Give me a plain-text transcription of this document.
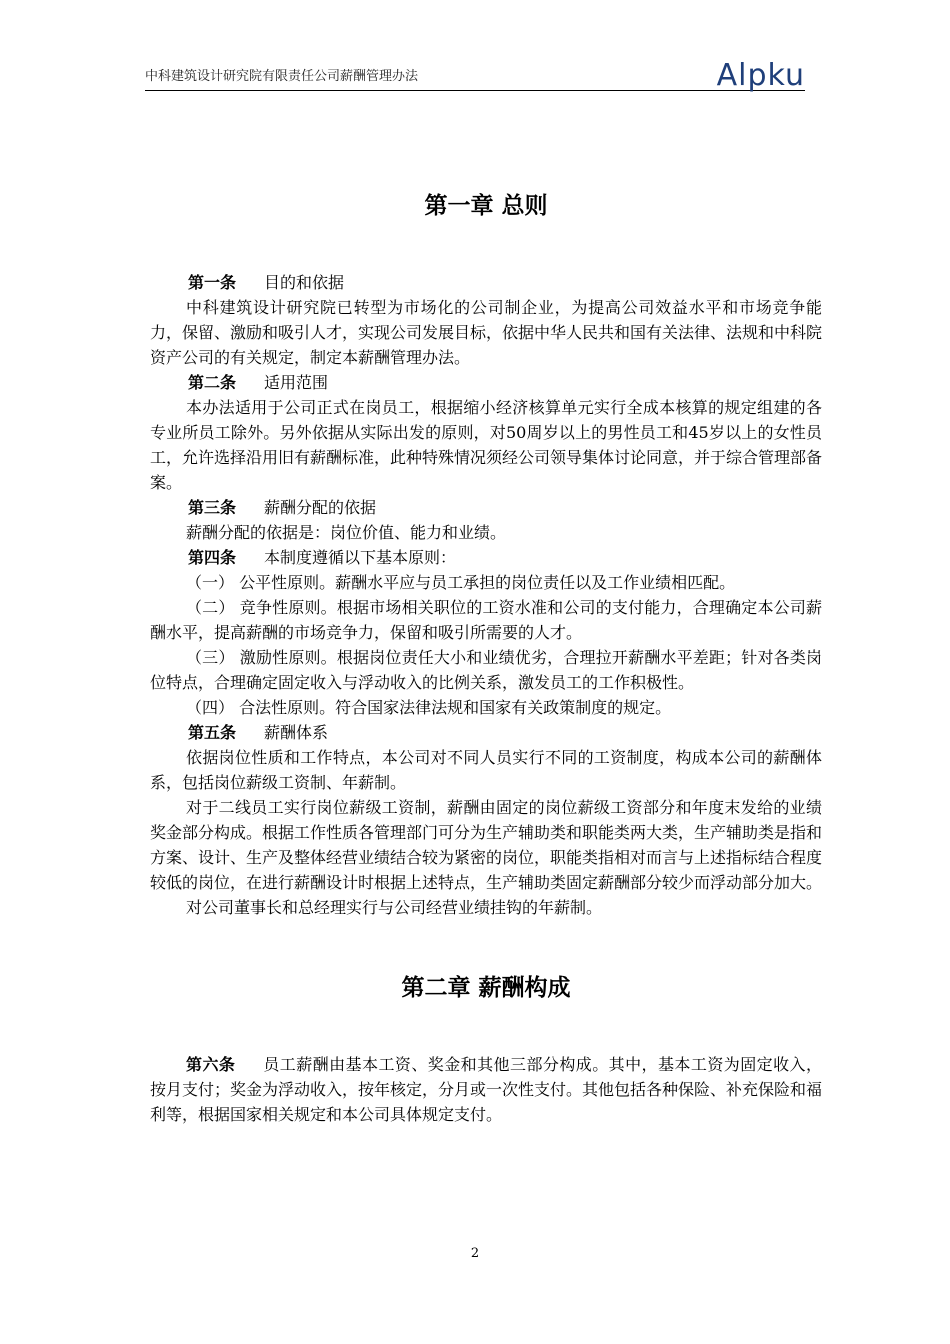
中科建筑设计研究院有限责任公司薪酬管理办法	Alpku
第一章 总则

第一条 目的和依据

中科建筑设计研究院已转型为市场化的公司制企业，为提高公司效益水平和市场竞争能力，保留、激励和吸引人才，实现公司发展目标，依据中华人民共和国有关法律、法规和中科院资产公司的有关规定，制定本薪酬管理办法。

第二条 适用范围

本办法适用于公司正式在岗员工，根据缩小经济核算单元实行全成本核算的规定组建的各专业所员工除外。另外依据从实际出发的原则，对50周岁以上的男性员工和45岁以上的女性员工，允许选择沿用旧有薪酬标准，此种特殊情况须经公司领导集体讨论同意，并于综合管理部备案。

第三条 薪酬分配的依据

薪酬分配的依据是：岗位价值、能力和业绩。

第四条 本制度遵循以下基本原则：

（一） 公平性原则。薪酬水平应与员工承担的岗位责任以及工作业绩相匹配。

（二） 竞争性原则。根据市场相关职位的工资水准和公司的支付能力，合理确定本公司薪酬水平，提高薪酬的市场竞争力，保留和吸引所需要的人才。

（三） 激励性原则。根据岗位责任大小和业绩优劣，合理拉开薪酬水平差距；针对各类岗位特点，合理确定固定收入与浮动收入的比例关系，激发员工的工作积极性。

（四） 合法性原则。符合国家法律法规和国家有关政策制度的规定。

第五条 薪酬体系

依据岗位性质和工作特点，本公司对不同人员实行不同的工资制度，构成本公司的薪酬体系，包括岗位薪级工资制、年薪制。

对于二线员工实行岗位薪级工资制，薪酬由固定的岗位薪级工资部分和年度末发给的业绩奖金部分构成。根据工作性质各管理部门可分为生产辅助类和职能类两大类，生产辅助类是指和方案、设计、生产及整体经营业绩结合较为紧密的岗位，职能类指相对而言与上述指标结合程度较低的岗位，在进行薪酬设计时根据上述特点，生产辅助类固定薪酬部分较少而浮动部分加大。

对公司董事长和总经理实行与公司经营业绩挂钩的年薪制。

第二章 薪酬构成

第六条 员工薪酬由基本工资、奖金和其他三部分构成。其中，基本工资为固定收入，按月支付；奖金为浮动收入，按年核定，分月或一次性支付。其他包括各种保险、补充保险和福利等，根据国家相关规定和本公司具体规定支付。

2
